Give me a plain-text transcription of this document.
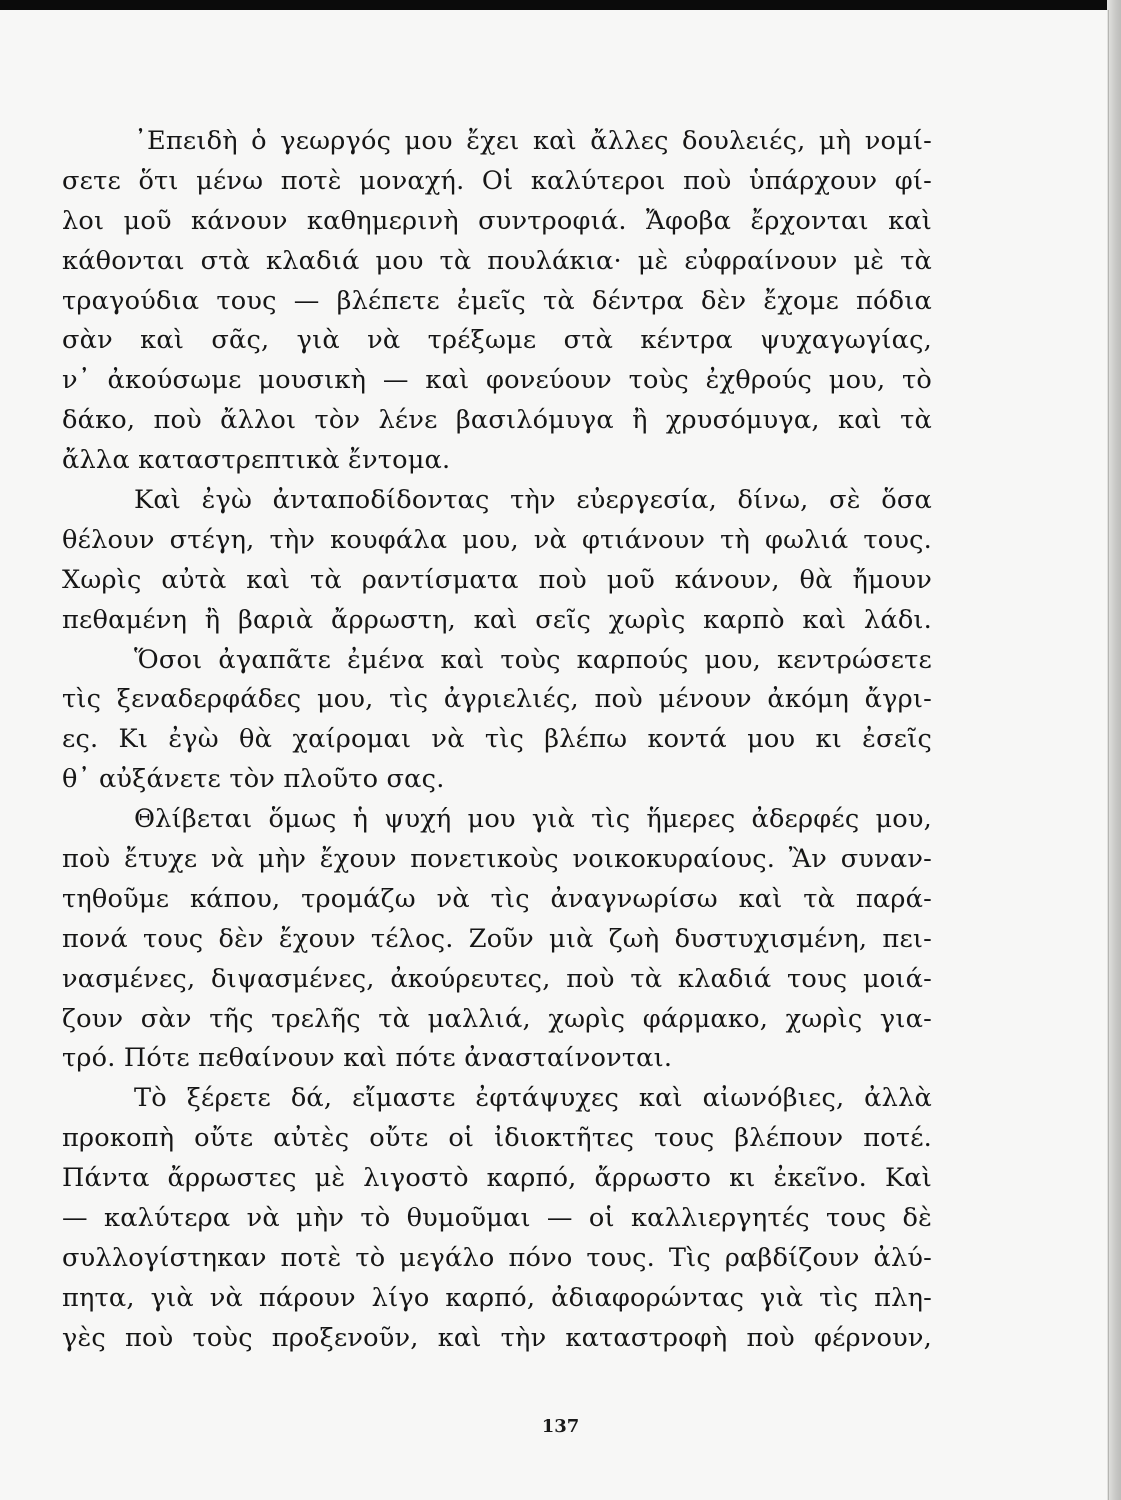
᾿Επειδὴ ὁ γεωργός μου ἔχει καὶ ἄλλες δουλειές, μὴ νομί-
σετε ὅτι μένω ποτὲ μοναχή. Οἱ καλύτεροι ποὺ ὑπάρχουν φί-
λοι μοῦ κάνουν καθημερινὴ συντροφιά. Ἄφοβα ἔρχονται καὶ
κάθονται στὰ κλαδιά μου τὰ πουλάκια· μὲ εὐφραίνουν μὲ τὰ
τραγούδια τους — βλέπετε ἐμεῖς τὰ δέντρα δὲν ἔχομε πόδια
σὰν καὶ σᾶς, γιὰ νὰ τρέξωμε στὰ κέντρα ψυχαγωγίας,
ν᾿ ἀκούσωμε μουσικὴ — καὶ φονεύουν τοὺς ἐχθρούς μου, τὸ
δάκο, ποὺ ἄλλοι τὸν λένε βασιλόμυγα ἢ χρυσόμυγα, καὶ τὰ
ἄλλα καταστρεπτικὰ ἔντομα.
Καὶ ἐγὼ ἀνταποδίδοντας τὴν εὐεργεσία, δίνω, σὲ ὅσα
θέλουν στέγη, τὴν κουφάλα μου, νὰ φτιάνουν τὴ φωλιά τους.
Χωρὶς αὐτὰ καὶ τὰ ραντίσματα ποὺ μοῦ κάνουν, θὰ ἤμουν
πεθαμένη ἢ βαριὰ ἄρρωστη, καὶ σεῖς χωρὶς καρπὸ καὶ λάδι.
Ὅσοι ἀγαπᾶτε ἐμένα καὶ τοὺς καρπούς μου, κεντρώσετε
τὶς ξεναδερφάδες μου, τὶς ἀγριελιές, ποὺ μένουν ἀκόμη ἄγρι-
ες. Κι ἐγὼ θὰ χαίρομαι νὰ τὶς βλέπω κοντά μου κι ἐσεῖς
θ᾿ αὐξάνετε τὸν πλοῦτο σας.
Θλίβεται ὅμως ἡ ψυχή μου γιὰ τὶς ἥμερες ἀδερφές μου,
ποὺ ἔτυχε νὰ μὴν ἔχουν πονετικοὺς νοικοκυραίους. Ἂν συναν-
τηθοῦμε κάπου, τρομάζω νὰ τὶς ἀναγνωρίσω καὶ τὰ παρά-
πονά τους δὲν ἔχουν τέλος. Ζοῦν μιὰ ζωὴ δυστυχισμένη, πει-
νασμένες, διψασμένες, ἀκούρευτες, ποὺ τὰ κλαδιά τους μοιά-
ζουν σὰν τῆς τρελῆς τὰ μαλλιά, χωρὶς φάρμακο, χωρὶς για-
τρό. Πότε πεθαίνουν καὶ πότε ἀνασταίνονται.
Τὸ ξέρετε δά, εἴμαστε ἐφτάψυχες καὶ αἰωνόβιες, ἀλλὰ
προκοπὴ οὔτε αὐτὲς οὔτε οἱ ἰδιοκτῆτες τους βλέπουν ποτέ.
Πάντα ἄρρωστες μὲ λιγοστὸ καρπό, ἄρρωστο κι ἐκεῖνο. Καὶ
— καλύτερα νὰ μὴν τὸ θυμοῦμαι — οἱ καλλιεργητές τους δὲ
συλλογίστηκαν ποτὲ τὸ μεγάλο πόνο τους. Τὶς ραβδίζουν ἀλύ-
πητα, γιὰ νὰ πάρουν λίγο καρπό, ἀδιαφορώντας γιὰ τὶς πλη-
γὲς ποὺ τοὺς προξενοῦν, καὶ τὴν καταστροφὴ ποὺ φέρνουν,
137
